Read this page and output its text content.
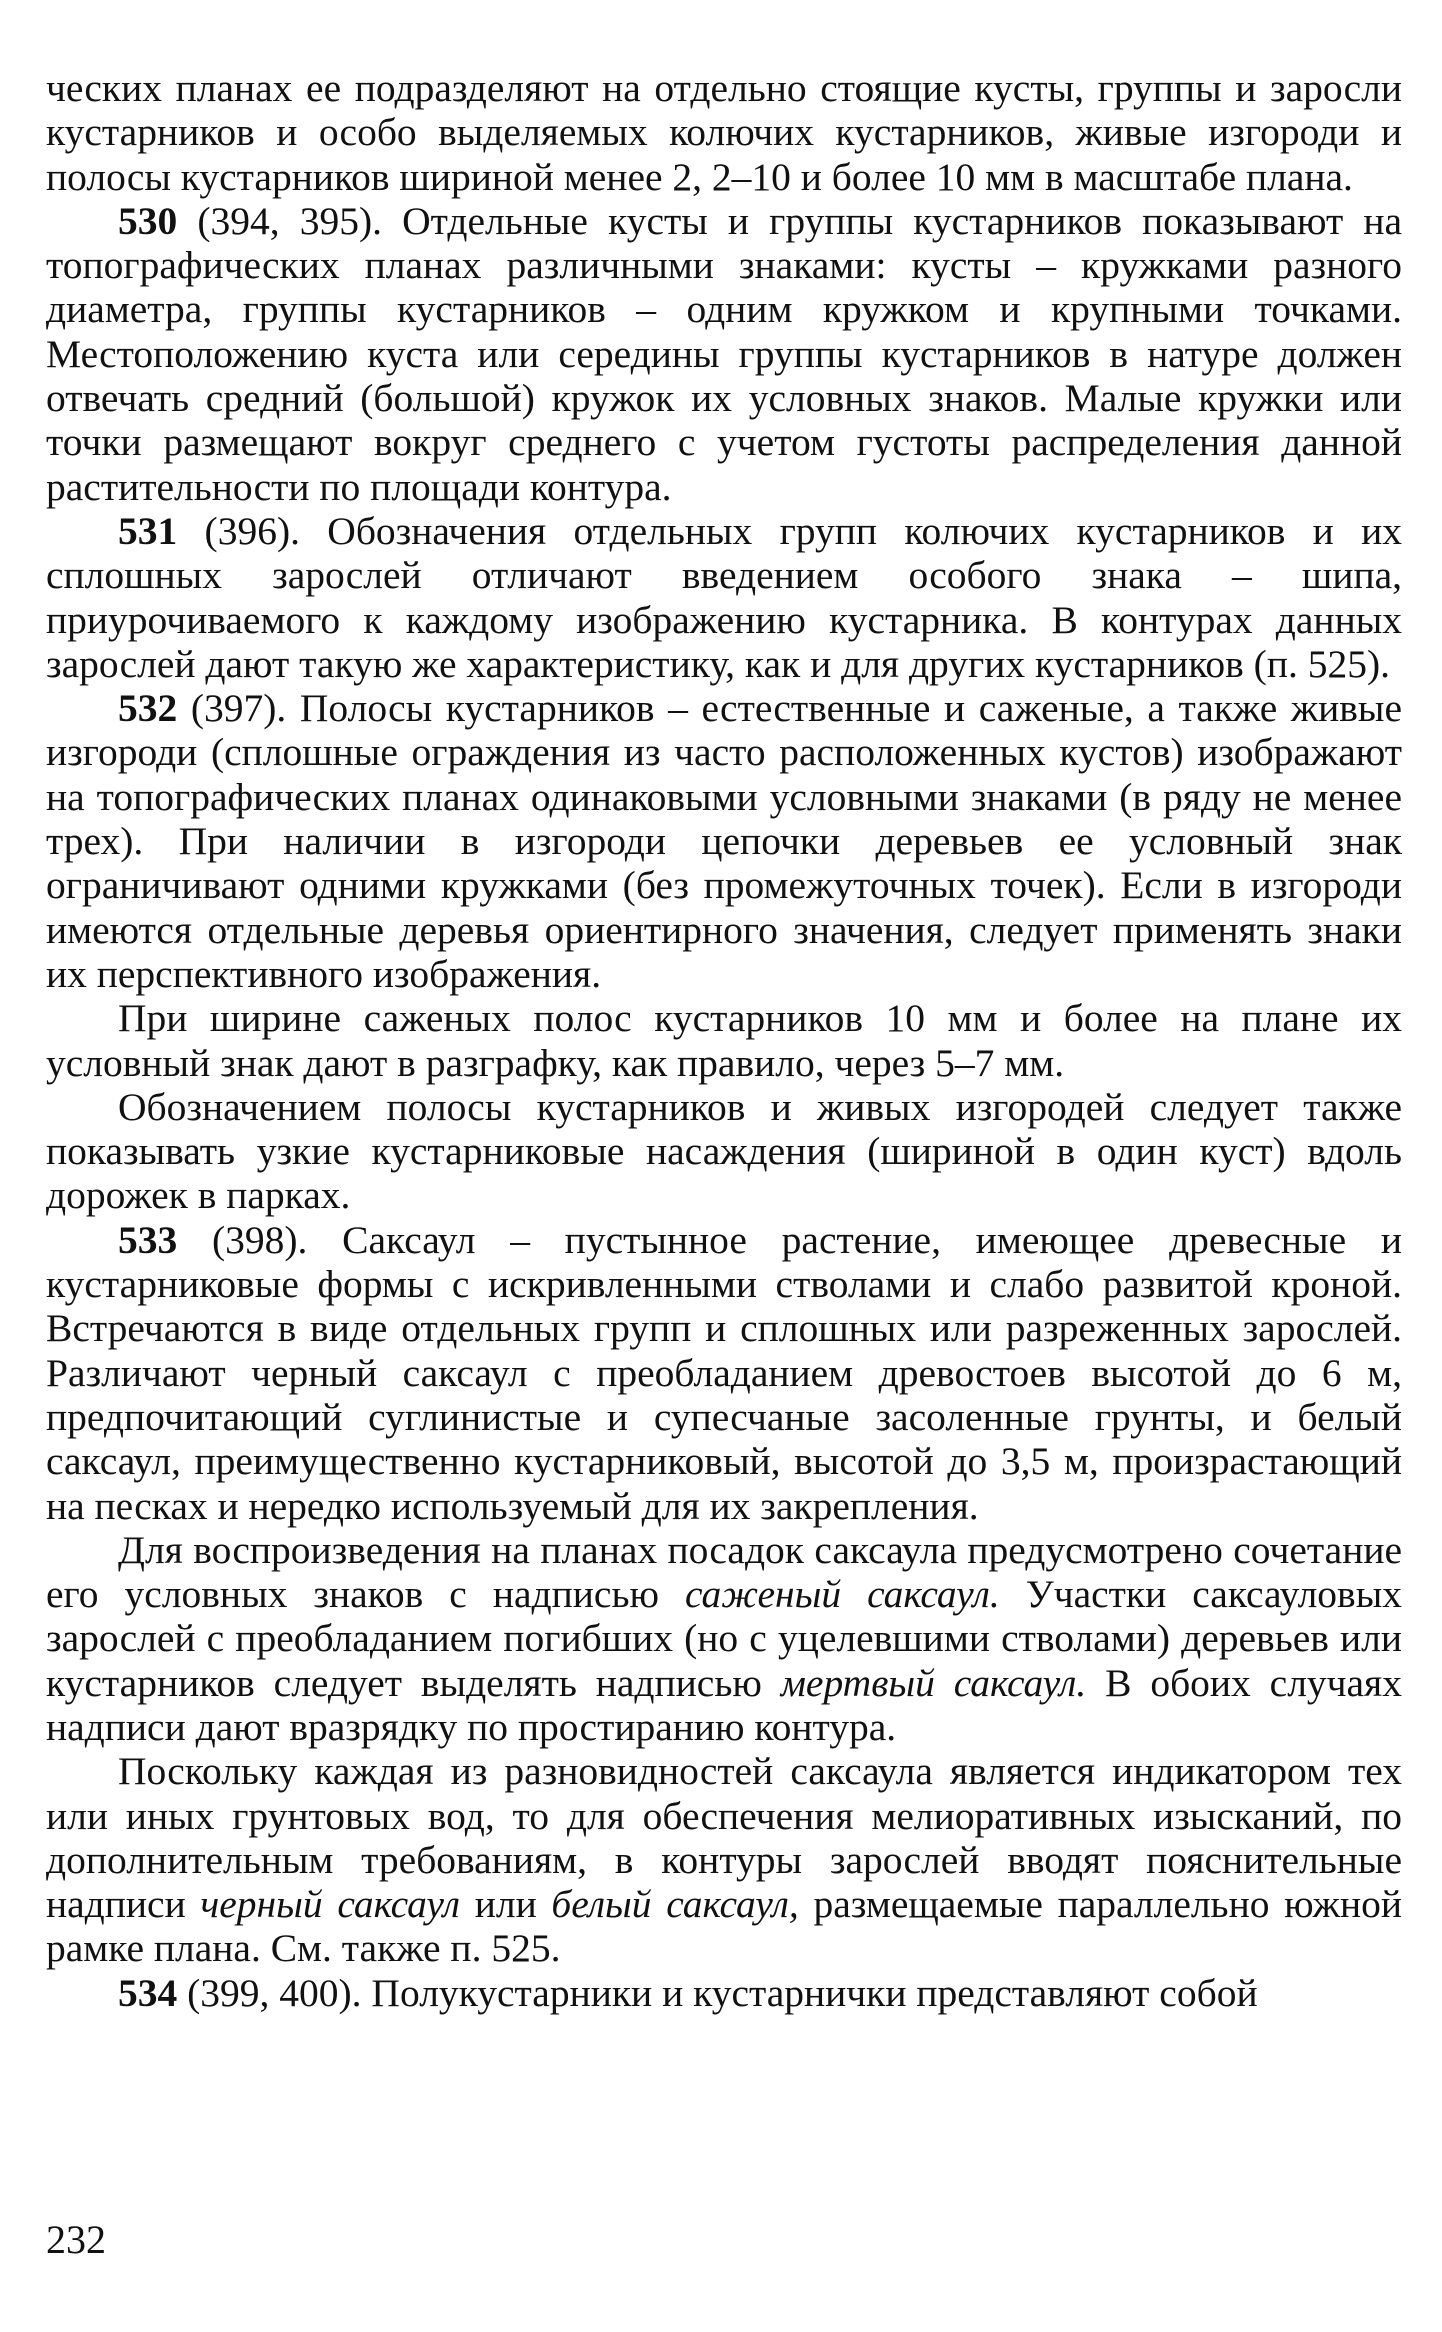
ческих планах ее подразделяют на отдельно стоящие кусты, группы и заросли кустарников и особо выделяемых колючих кустарников, живые изгороди и полосы кустарников шириной менее 2, 2–10 и более 10 мм в масштабе плана.

530 (394, 395). Отдельные кусты и группы кустарников показывают на топографических планах различными знаками: кусты – кружками разного диаметра, группы кустарников – одним кружком и крупными точками. Местоположению куста или середины группы кустарников в натуре должен отвечать средний (большой) кружок их условных знаков. Малые кружки или точки размещают вокруг среднего с учетом густоты распределения данной растительности по площади контура.

531 (396). Обозначения отдельных групп колючих кустарников и их сплошных зарослей отличают введением особого знака – шипа, приурочиваемого к каждому изображению кустарника. В контурах данных зарослей дают такую же характеристику, как и для других кустарников (п. 525).

532 (397). Полосы кустарников – естественные и саженые, а также живые изгороди (сплошные ограждения из часто расположенных кустов) изображают на топографических планах одинаковыми условными знаками (в ряду не менее трех). При наличии в изгороди цепочки деревьев ее условный знак ограничивают одними кружками (без промежуточных точек). Если в изгороди имеются отдельные деревья ориентирного значения, следует применять знаки их перспективного изображения.

При ширине саженых полос кустарников 10 мм и более на плане их условный знак дают в разграфку, как правило, через 5–7 мм.

Обозначением полосы кустарников и живых изгородей следует также показывать узкие кустарниковые насаждения (шириной в один куст) вдоль дорожек в парках.

533 (398). Саксаул – пустынное растение, имеющее древесные и кустарниковые формы с искривленными стволами и слабо развитой кроной. Встречаются в виде отдельных групп и сплошных или разреженных зарослей. Различают черный саксаул с преобладанием древостоев высотой до 6 м, предпочитающий суглинистые и супесчаные засоленные грунты, и белый саксаул, преимущественно кустарниковый, высотой до 3,5 м, произрастающий на песках и нередко используемый для их закрепления.

Для воспроизведения на планах посадок саксаула предусмотрено сочетание его условных знаков с надписью саженый саксаул. Участки саксауловых зарослей с преобладанием погибших (но с уцелевшими стволами) деревьев или кустарников следует выделять надписью мертвый саксаул. В обоих случаях надписи дают вразрядку по простиранию контура.

Поскольку каждая из разновидностей саксаула является индикатором тех или иных грунтовых вод, то для обеспечения мелиоративных изысканий, по дополнительным требованиям, в контуры зарослей вводят пояснительные надписи черный саксаул или белый саксаул, размещаемые параллельно южной рамке плана. См. также п. 525.

534 (399, 400). Полукустарники и кустарнички представляют собой

232
